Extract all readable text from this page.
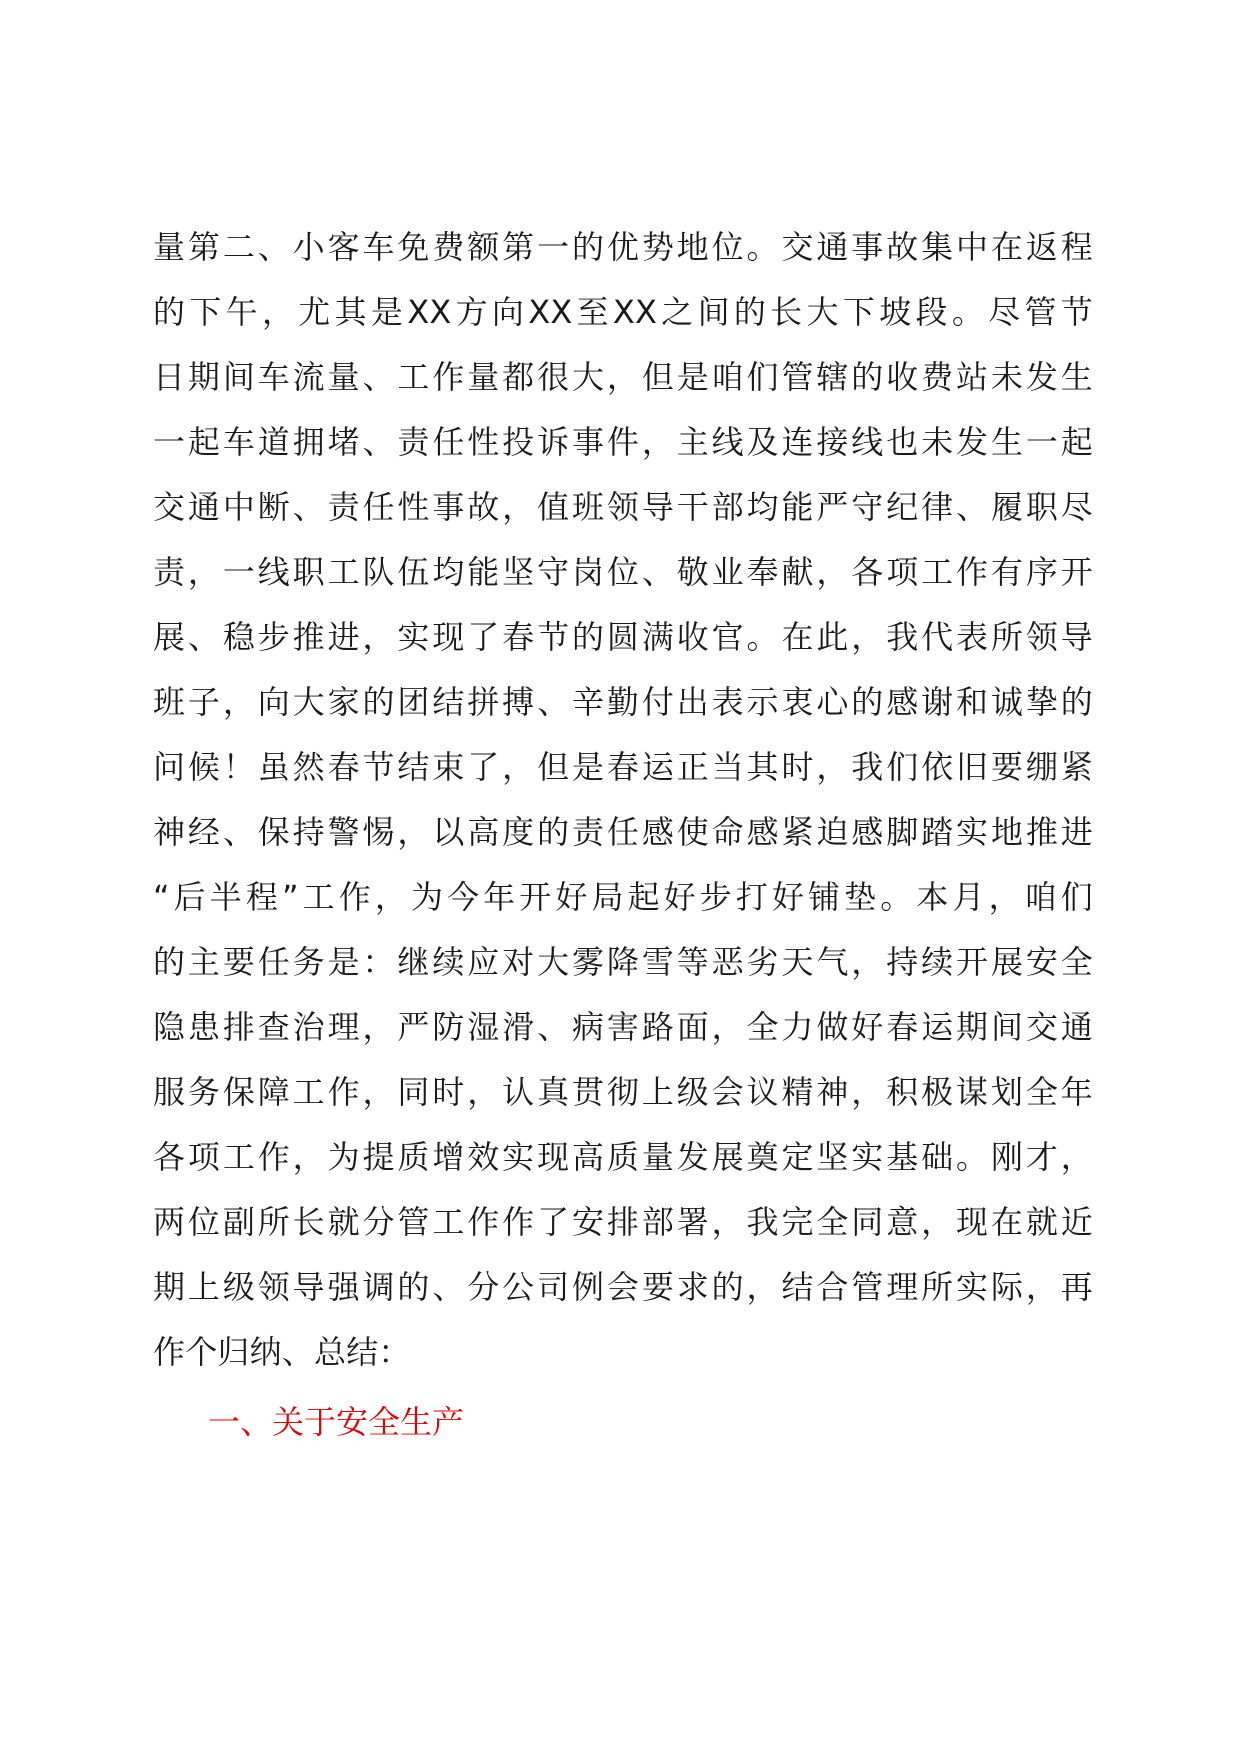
量第二、小客车免费额第一的优势地位。交通事故集中在返程
的下午，尤其是XX方向XX至XX之间的长大下坡段。尽管节
日期间车流量、工作量都很大，但是咱们管辖的收费站未发生
一起车道拥堵、责任性投诉事件，主线及连接线也未发生一起
交通中断、责任性事故，值班领导干部均能严守纪律、履职尽
责，一线职工队伍均能坚守岗位、敬业奉献，各项工作有序开
展、稳步推进，实现了春节的圆满收官。在此，我代表所领导
班子，向大家的团结拼搏、辛勤付出表示衷心的感谢和诚挚的
问候！虽然春节结束了，但是春运正当其时，我们依旧要绷紧
神经、保持警惕，以高度的责任感使命感紧迫感脚踏实地推进
“后半程”工作，为今年开好局起好步打好铺垫。本月，咱们
的主要任务是：继续应对大雾降雪等恶劣天气，持续开展安全
隐患排查治理，严防湿滑、病害路面，全力做好春运期间交通
服务保障工作，同时，认真贯彻上级会议精神，积极谋划全年
各项工作，为提质增效实现高质量发展奠定坚实基础。刚才，
两位副所长就分管工作作了安排部署，我完全同意，现在就近
期上级领导强调的、分公司例会要求的，结合管理所实际，再
作个归纳、总结：
一、关于安全生产
